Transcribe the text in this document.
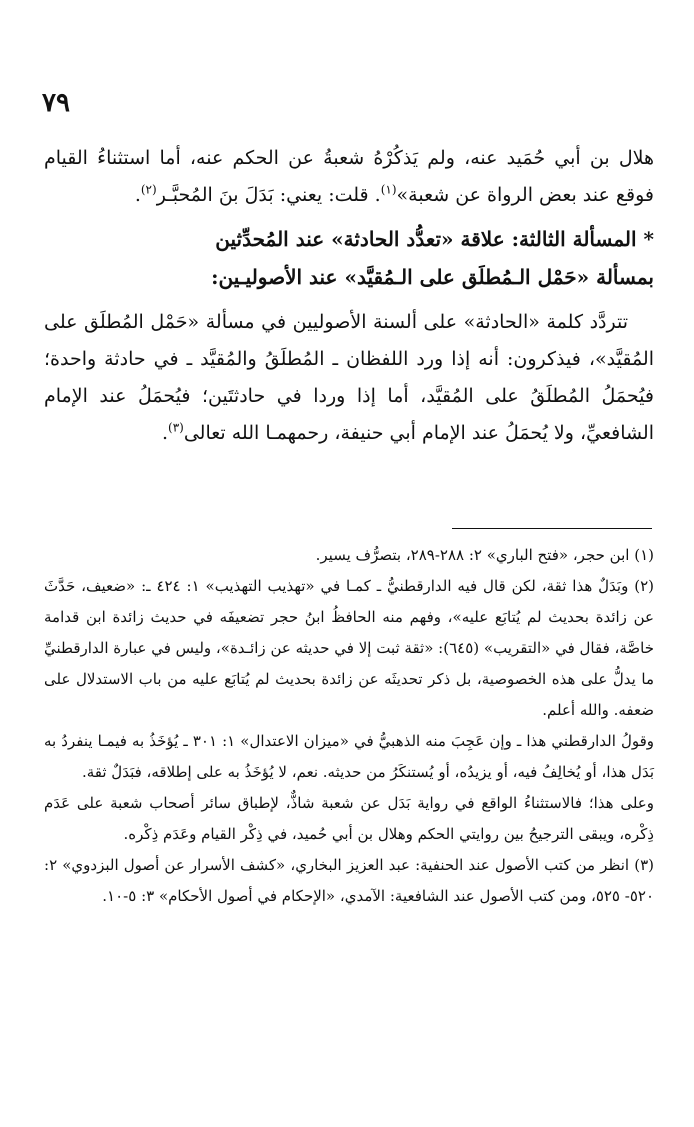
٧٩

هلال بن أبي حُمَيد عنه، ولم يَذكُرْهُ شعبةُ عن الحكم عنه، أما استثناءُ القيام فوقع عند بعض الرواة عن شعبة»$^{(١)}$. قلت: يعني: بَدَلَ بنَ المُحبَّـر$^{(٢)}$.

* المسألة الثالثة: علاقة «تعدُّد الحادثة» عند المُحدِّثين
بمسألة «حَمْل الـمُطلَق على الـمُقيَّد» عند الأصوليـين:

تتردَّد كلمة «الحادثة» على ألسنة الأصوليين في مسألة «حَمْل المُطلَق على المُقيَّد»، فيذكرون: أنه إذا ورد اللفظان ـ المُطلَقُ والمُقيَّد ـ في حادثة واحدة؛ فيُحمَلُ المُطلَقُ على المُقيَّد، أما إذا وردا في حادثتَين؛ فيُحمَلُ عند الإمام الشافعيِّ، ولا يُحمَلُ عند الإمام أبي حنيفة، رحمهمـا الله تعالى$^{(٣)}$.

(١) ابن حجر، «فتح الباري» ٢: ٢٨٨-٢٨٩، بتصرُّف يسير.

(٢) وبَدَلٌ هذا ثقة، لكن قال فيه الدارقطنيُّ ـ كمـا في «تهذيب التهذيب» ١: ٤٢٤ ـ: «ضعيف، حَدَّثَ عن زائدة بحديث لم يُتابَع عليه»، وفهم منه الحافظُ ابنُ حجر تضعيفَه في حديث زائدة ابن قدامة خاصَّة، فقال في «التقريب» (٦٤٥): «ثقة ثبت إلا في حديثه عن زائـدة»، وليس في عبارة الدارقطنيِّ ما يدلُّ على هذه الخصوصية، بل ذكر تحديثَه عن زائدة بحديث لم يُتابَع عليه من باب الاستدلال على ضعفه. والله أعلم.

وقولُ الدارقطني هذا ـ وإن عَجِبَ منه الذهبيُّ في «ميزان الاعتدال» ١: ٣٠١ ـ يُؤخَذُ به فيمـا ينفردُ به بَدَل هذا، أو يُخالِفُ فيه، أو يزيدُه، أو يُستنكَرُ من حديثه. نعم، لا يُؤخَذُ به على إطلاقه، فبَدَلٌ ثقة.

وعلى هذا؛ فالاستثناءُ الواقع في رواية بَدَل عن شعبة شاذٌّ، لإطباق سائر أصحاب شعبة على عَدَم ذِكْره، ويبقى الترجيحُ بين روايتي الحكم وهلال بن أبي حُميد، في ذِكْر القيام وعَدَم ذِكْره.

(٣) انظر من كتب الأصول عند الحنفية: عبد العزيز البخاري، «كشف الأسرار عن أصول البزدوي» ٢: ٥٢٠- ٥٢٥، ومن كتب الأصول عند الشافعية: الآمدي، «الإحكام في أصول الأحكام» ٣: ٥-١٠.
